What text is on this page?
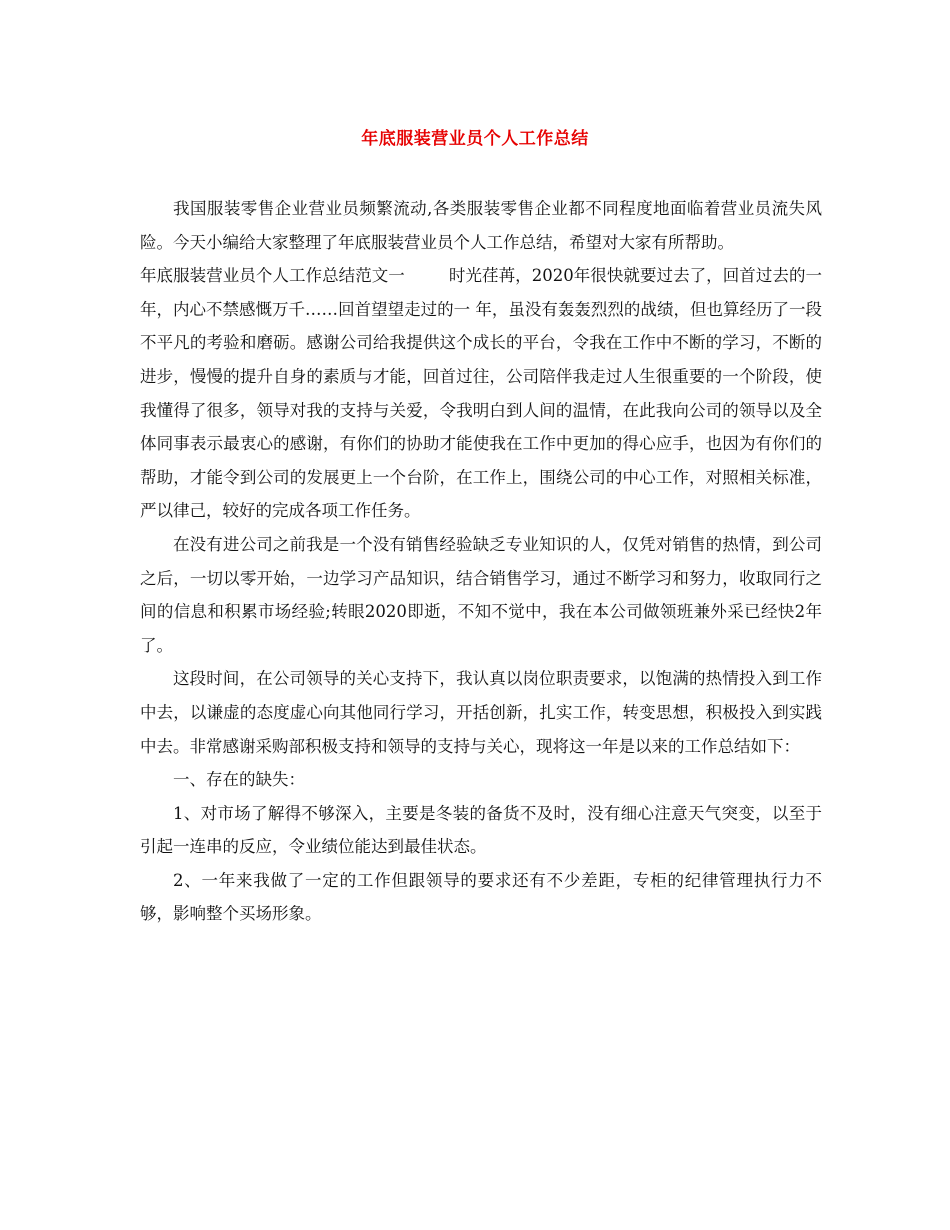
年底服装营业员个人工作总结

我国服装零售企业营业员频繁流动,各类服装零售企业都不同程度地面临着营业员流失风险。今天小编给大家整理了年底服装营业员个人工作总结，希望对大家有所帮助。

年底服装营业员个人工作总结范文一	时光荏苒，2020年很快就要过去了，回首过去的一年，内心不禁感慨万千……回首望望走过的一 年，虽没有轰轰烈烈的战绩，但也算经历了一段不平凡的考验和磨砺。感谢公司给我提供这个成长的平台，令我在工作中不断的学习，不断的进步，慢慢的提升自身的素质与才能，回首过往，公司陪伴我走过人生很重要的一个阶段，使我懂得了很多，领导对我的支持与关爱，令我明白到人间的温情，在此我向公司的领导以及全体同事表示最衷心的感谢，有你们的协助才能使我在工作中更加的得心应手，也因为有你们的帮助，才能令到公司的发展更上一个台阶，在工作上，围绕公司的中心工作，对照相关标准，严以律己，较好的完成各项工作任务。

在没有进公司之前我是一个没有销售经验缺乏专业知识的人，仅凭对销售的热情，到公司之后，一切以零开始，一边学习产品知识，结合销售学习，通过不断学习和努力，收取同行之间的信息和积累市场经验;转眼2020即逝，不知不觉中，我在本公司做领班兼外采已经快2年了。

这段时间，在公司领导的关心支持下，我认真以岗位职责要求，以饱满的热情投入到工作中去，以谦虚的态度虚心向其他同行学习，开括创新，扎实工作，转变思想，积极投入到实践中去。非常感谢采购部积极支持和领导的支持与关心，现将这一年是以来的工作总结如下：

一、存在的缺失：

1、对市场了解得不够深入，主要是冬装的备货不及时，没有细心注意天气突变，以至于引起一连串的反应，令业绩位能达到最佳状态。

2、一年来我做了一定的工作但跟领导的要求还有不少差距，专柜的纪律管理执行力不够，影响整个买场形象。
